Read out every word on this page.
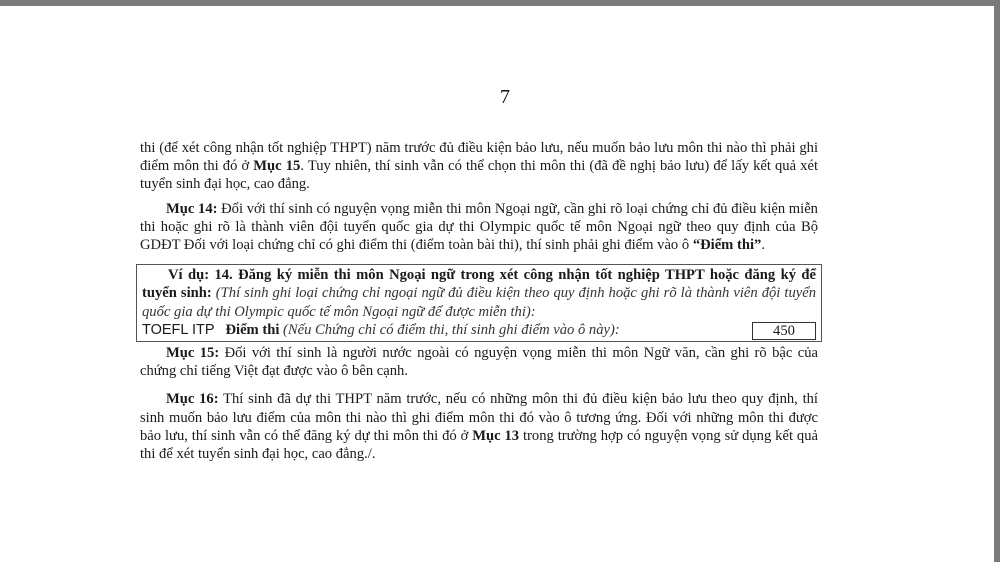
7

thi (để xét công nhận tốt nghiệp THPT) năm trước đủ điều kiện bảo lưu, nếu muốn bảo lưu môn thi nào thì phải ghi điểm môn thi đó ở Mục 15. Tuy nhiên, thí sinh vẫn có thể chọn thi môn thi (đã đề nghị bảo lưu) để lấy kết quả xét tuyển sinh đại học, cao đẳng.

Mục 14: Đối với thí sinh có nguyện vọng miễn thi môn Ngoại ngữ, cần ghi rõ loại chứng chỉ đủ điều kiện miễn thi hoặc ghi rõ là thành viên đội tuyển quốc gia dự thi Olympic quốc tế môn Ngoại ngữ theo quy định của Bộ GDĐT Đối với loại chứng chỉ có ghi điểm thi (điểm toàn bài thi), thí sinh phải ghi điểm vào ô “Điểm thi”.

Ví dụ: 14. Đăng ký miễn thi môn Ngoại ngữ trong xét công nhận tốt nghiệp THPT hoặc đăng ký để tuyển sinh: (Thí sinh ghi loại chứng chỉ ngoại ngữ đủ điều kiện theo quy định hoặc ghi rõ là thành viên đội tuyển quốc gia dự thi Olympic quốc tế môn Ngoại ngữ để được miễn thi):

450
TOEFL ITP Điểm thi (Nếu Chứng chỉ có điểm thi, thí sinh ghi điểm vào ô này):

Mục 15: Đối với thí sinh là người nước ngoài có nguyện vọng miễn thi môn Ngữ văn, cần ghi rõ bậc của chứng chỉ tiếng Việt đạt được vào ô bên cạnh.

Mục 16: Thí sinh đã dự thi THPT năm trước, nếu có những môn thi đủ điều kiện bảo lưu theo quy định, thí sinh muốn bảo lưu điểm của môn thi nào thì ghi điểm môn thi đó vào ô tương ứng. Đối với những môn thi được bảo lưu, thí sinh vẫn có thể đăng ký dự thi môn thi đó ở Mục 13 trong trường hợp có nguyện vọng sử dụng kết quả thi để xét tuyển sinh đại học, cao đẳng./.
